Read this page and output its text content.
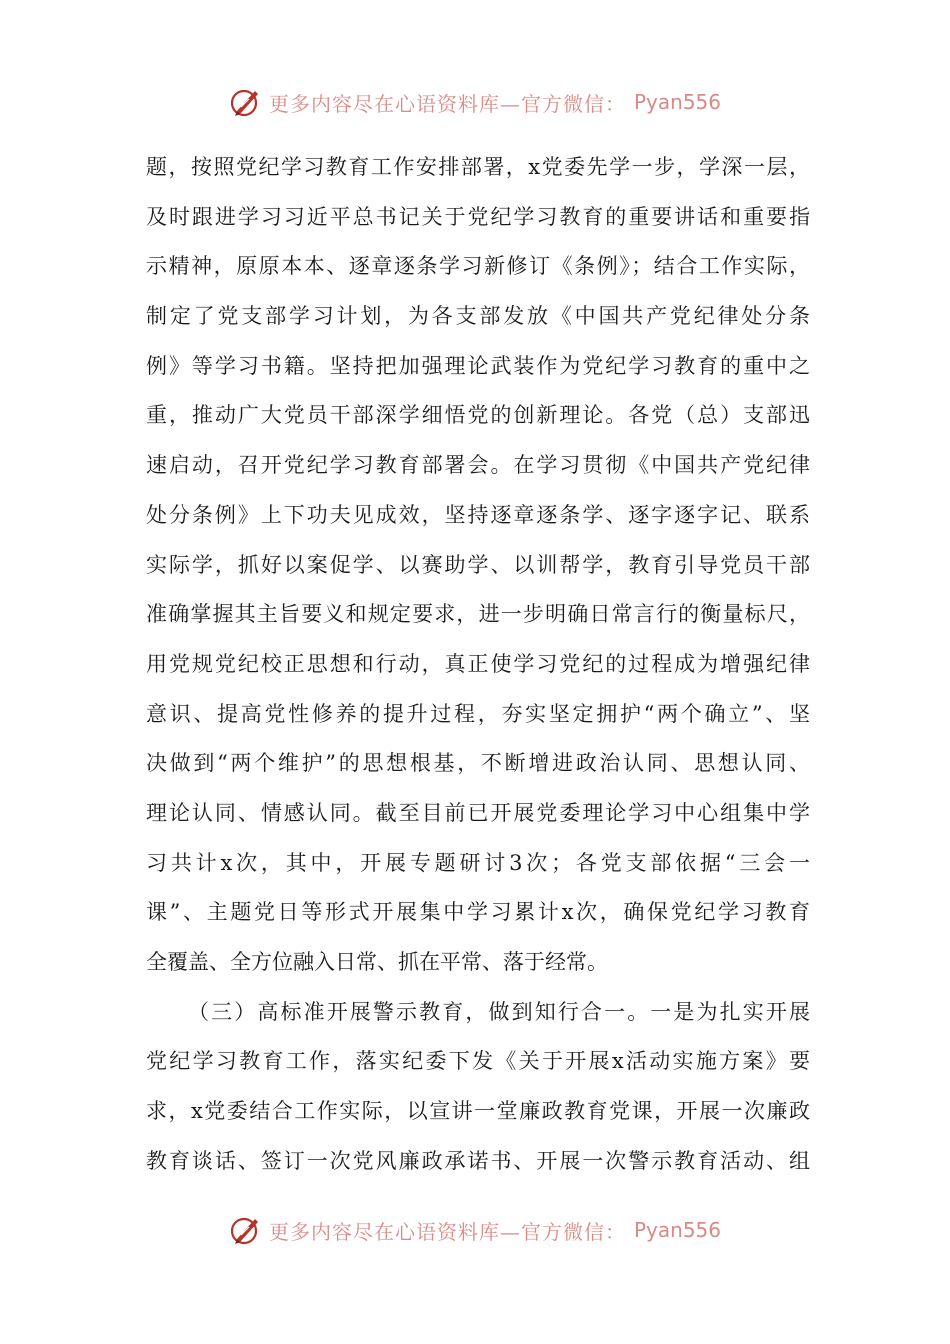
更多内容尽在心语资料库—官方微信： Pyan556
题，按照党纪学习教育工作安排部署，x党委先学一步，学深一层，
及时跟进学习习近平总书记关于党纪学习教育的重要讲话和重要指
示精神，原原本本、逐章逐条学习新修订《条例》；结合工作实际，
制定了党支部学习计划，为各支部发放《中国共产党纪律处分条
例》等学习书籍。坚持把加强理论武装作为党纪学习教育的重中之
重，推动广大党员干部深学细悟党的创新理论。各党（总）支部迅
速启动，召开党纪学习教育部署会。在学习贯彻《中国共产党纪律
处分条例》上下功夫见成效，坚持逐章逐条学、逐字逐字记、联系
实际学，抓好以案促学、以赛助学、以训帮学，教育引导党员干部
准确掌握其主旨要义和规定要求，进一步明确日常言行的衡量标尺，
用党规党纪校正思想和行动，真正使学习党纪的过程成为增强纪律
意识、提高党性修养的提升过程，夯实坚定拥护“两个确立”、坚
决做到“两个维护”的思想根基，不断增进政治认同、思想认同、
理论认同、情感认同。截至目前已开展党委理论学习中心组集中学
习共计x次，其中，开展专题研讨3次；各党支部依据“三会一
课”、主题党日等形式开展集中学习累计x次，确保党纪学习教育
全覆盖、全方位融入日常、抓在平常、落于经常。
（三）高标准开展警示教育，做到知行合一。一是为扎实开展
党纪学习教育工作，落实纪委下发《关于开展x活动实施方案》要
求，x党委结合工作实际，以宣讲一堂廉政教育党课，开展一次廉政
教育谈话、签订一次党风廉政承诺书、开展一次警示教育活动、组
更多内容尽在心语资料库—官方微信： Pyan556
